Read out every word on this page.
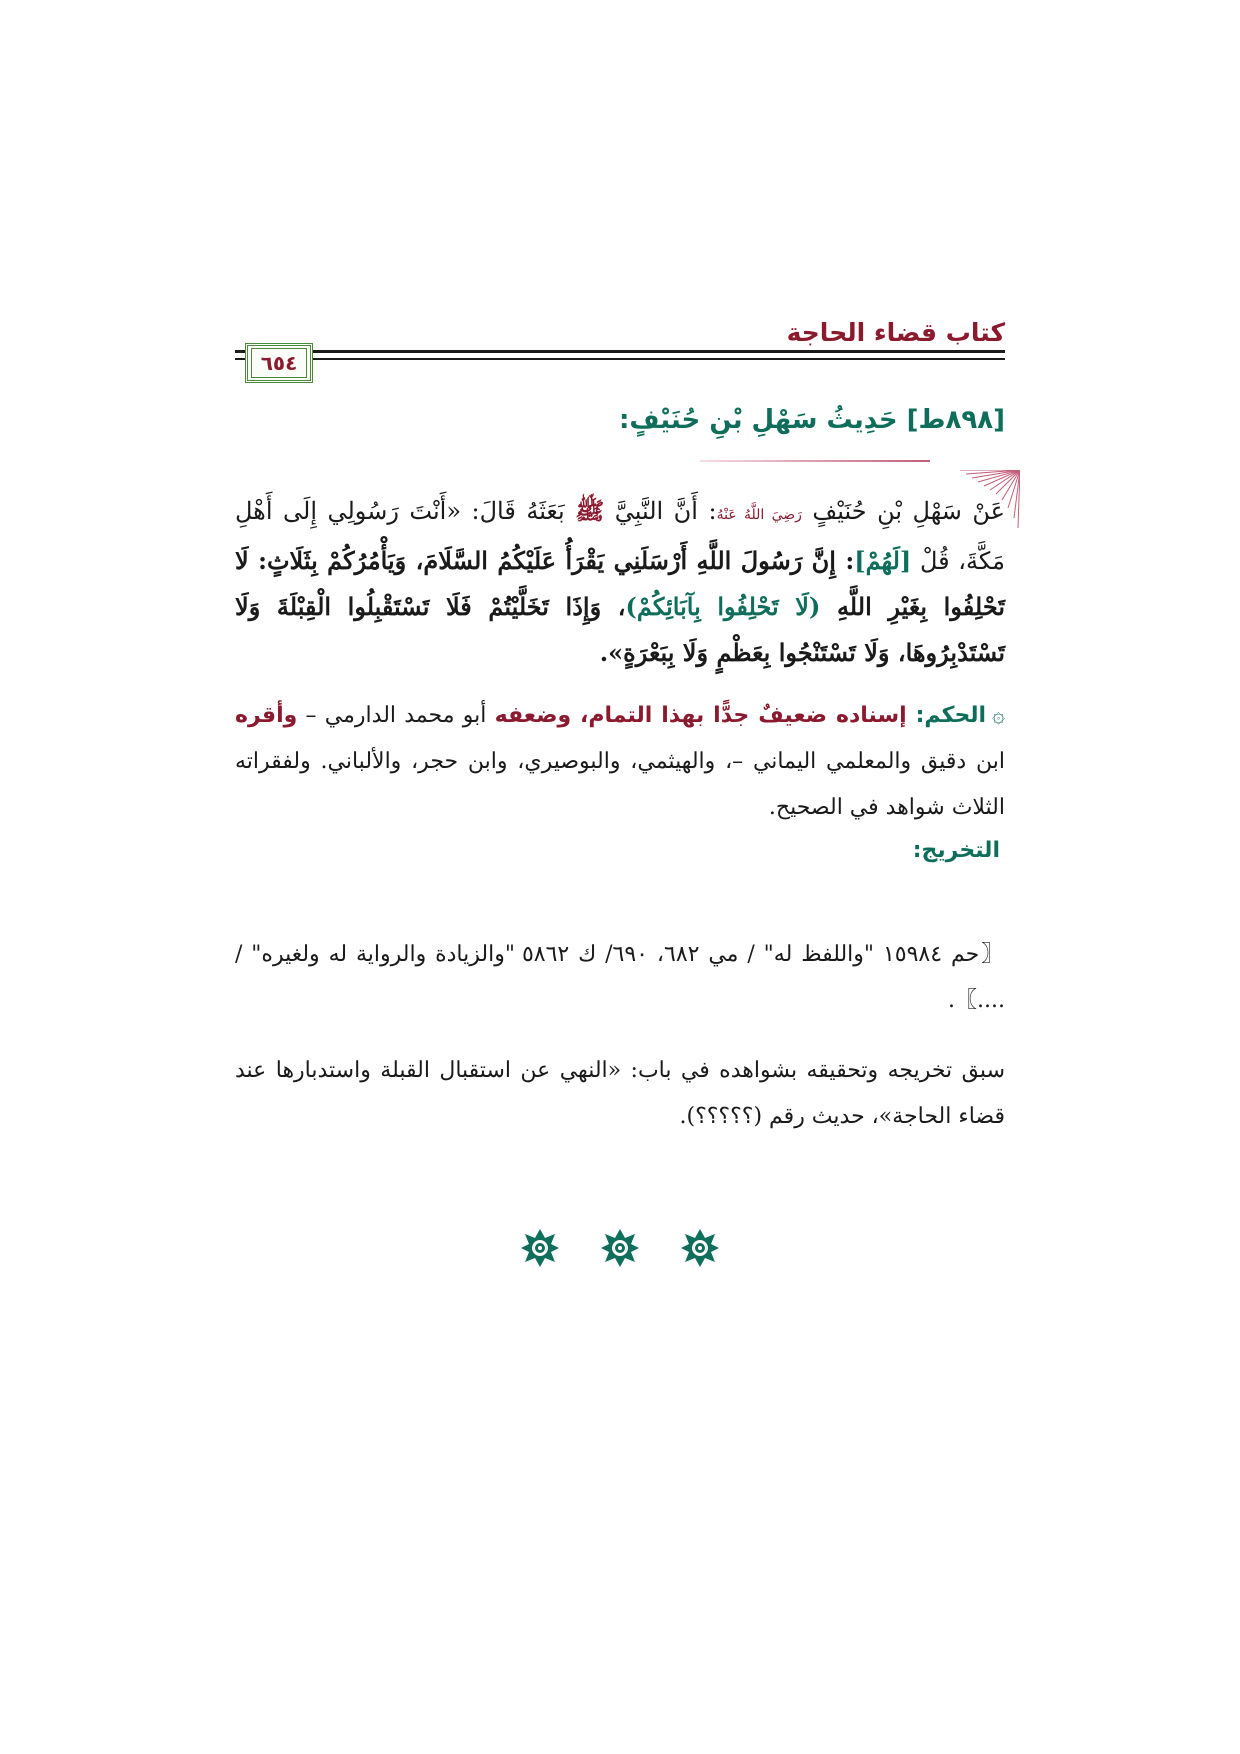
كتاب قضاء الحاجة
٦٥٤
[٨٩٨ط] حَدِيثُ سَهْلِ بْنِ حُنَيْفٍ:
عَنْ سَهْلِ بْنِ حُنَيْفٍ رَضِيَ اللَّهُ عَنْهُ: أَنَّ النَّبِيَّ ﷺ بَعَثَهُ قَالَ: «أَنْتَ رَسُولِي إِلَى أَهْلِ مَكَّةَ، قُلْ [لَهُمْ]: إِنَّ رَسُولَ اللَّهِ أَرْسَلَنِي يَقْرَأُ عَلَيْكُمُ السَّلَامَ، وَيَأْمُرُكُمْ بِثَلَاثٍ: لَا تَحْلِفُوا بِغَيْرِ اللَّهِ (لَا تَحْلِفُوا بِآبَائِكُمْ)، وَإِذَا تَخَلَّيْتُمْ فَلَا تَسْتَقْبِلُوا الْقِبْلَةَ وَلَا تَسْتَدْبِرُوهَا، وَلَا تَسْتَنْجُوا بِعَظْمٍ وَلَا بِبَعْرَةٍ».
۞الحكم: إسناده ضعيفٌ جدًّا بهذا التمام، وضعفه أبو محمد الدارمي – وأقره ابن دقيق والمعلمي اليماني –، والهيثمي، والبوصيري، وابن حجر، والألباني. ولفقراته الثلاث شواهد في الصحيح.
التخريج:
〖حم ١٥٩٨٤ "واللفظ له" / مي ٦٨٢، ٦٩٠/ ك ٥٨٦٢ "والزيادة والرواية له ولغيره" / ....〗.
سبق تخريجه وتحقيقه بشواهده في باب: «النهي عن استقبال القبلة واستدبارها عند قضاء الحاجة»، حديث رقم (؟؟؟؟؟).
